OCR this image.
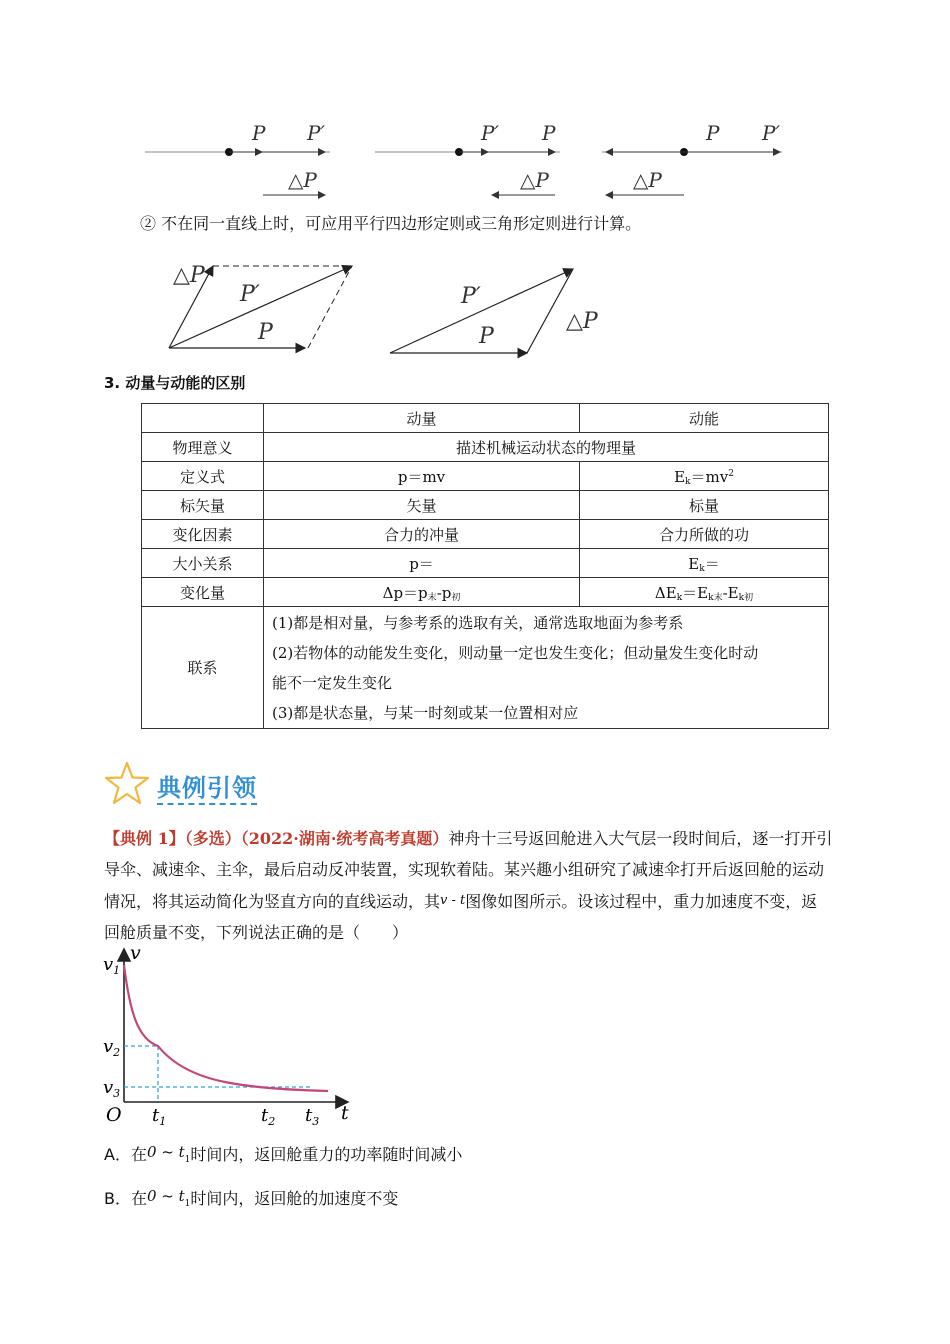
P P′
△P
P′ P
△P
P P′
△P
② 不在同一直线上时，可应用平行四边形定则或三角形定则进行计算。
△P
P′
P
P′
P
△P
3. 动量与动能的区别
	动量	动能
物理意义	描述机械运动状态的物理量	
定义式	p＝mv	$E_k=mv^2$
标矢量	矢量	标量
变化因素	合力的冲量	合力所做的功
大小关系	p＝	$E_k=$
变化量	$\Delta p=p_末-p_初$	$\Delta E_k=E_{k末}-E_{k初}$
联系	(1)都是相对量，与参考系的选取有关，通常选取地面为参考系
(2)若物体的动能发生变化，则动量一定也发生变化；但动量发生变化时动
能不一定发生变化
(3)都是状态量，与某一时刻或某一位置相对应	
典例引领
【典例 1】（多选）（2022·湖南·统考高考真题）神舟十三号返回舱进入大气层一段时间后，逐一打开引
导伞、减速伞、主伞，最后启动反冲装置，实现软着陆。某兴趣小组研究了减速伞打开后返回舱的运动
情况，将其运动简化为竖直方向的直线运动，其v - t图像如图所示。设该过程中，重力加速度不变，返
回舱质量不变，下列说法正确的是（　　）
v
t
O
$v_1$
$v_2$
$v_3$
$t_1$	$t_2$ $t_3$
A．在0 ~ $t_1$时间内，返回舱重力的功率随时间减小
B．在0 ~ $t_1$时间内，返回舱的加速度不变
